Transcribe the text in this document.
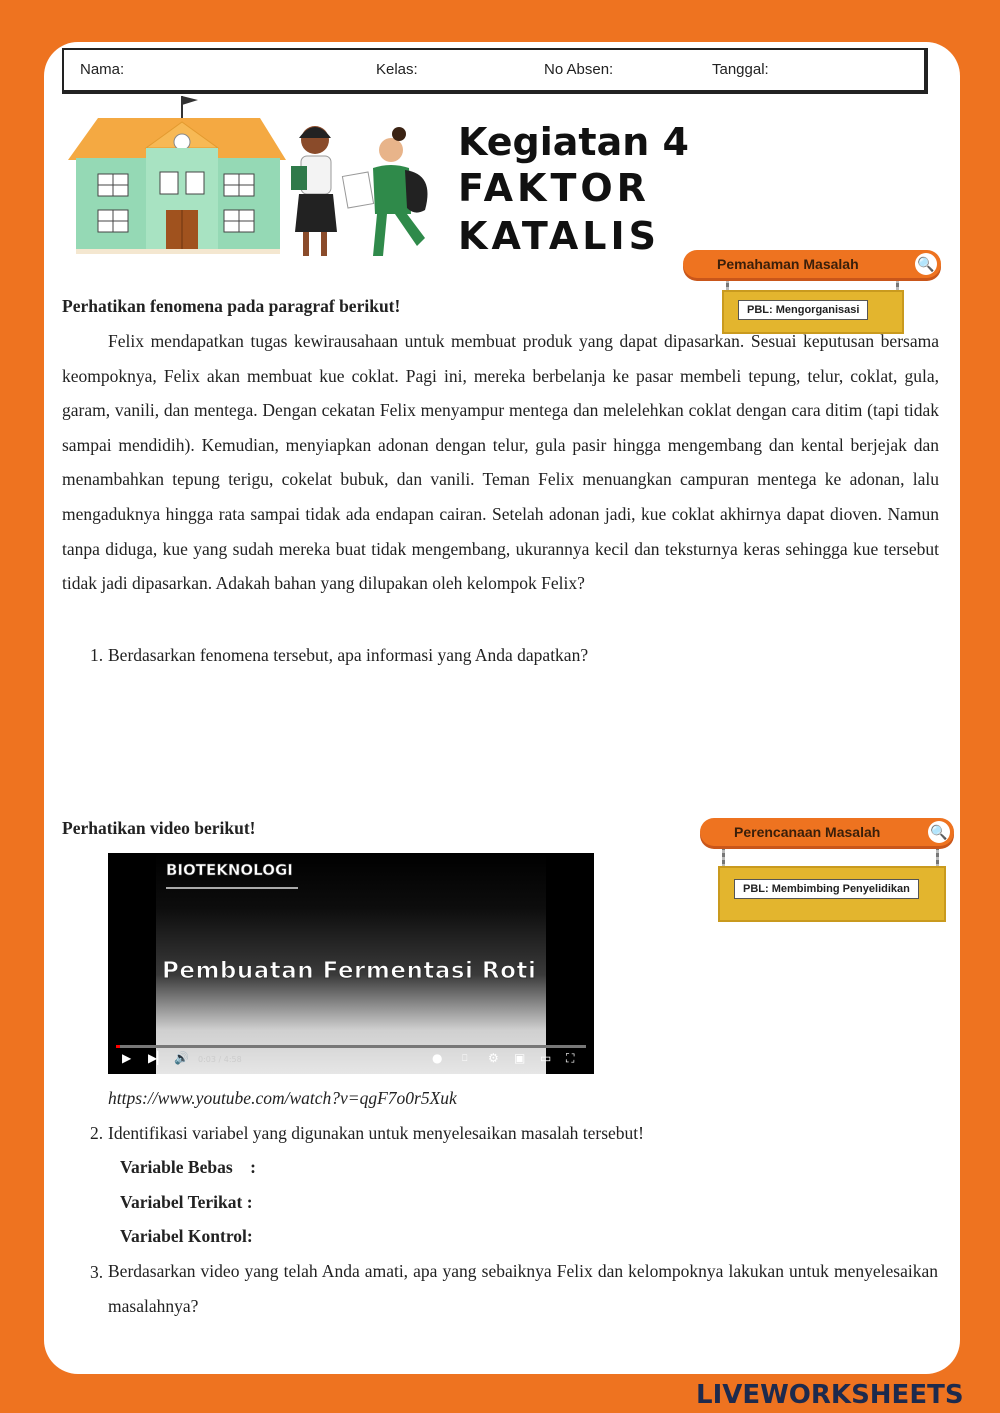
Nama:	Kelas:	No Absen:	Tanggal:
Kegiatan 4
FAKTOR
KATALIS
Pemahaman Masalah	🔍
PBL: Mengorganisasi
Perhatikan fenomena pada paragraf berikut!
Felix mendapatkan tugas kewirausahaan untuk membuat produk yang dapat dipasarkan. Sesuai keputusan bersama keompoknya, Felix akan membuat kue coklat. Pagi ini, mereka berbelanja ke pasar membeli tepung, telur, coklat, gula, garam, vanili, dan mentega. Dengan cekatan Felix menyampur mentega dan melelehkan coklat dengan cara ditim (tapi tidak sampai mendidih). Kemudian, menyiapkan adonan dengan telur, gula pasir hingga mengembang dan kental berjejak dan menambahkan tepung terigu, cokelat bubuk, dan vanili. Teman Felix menuangkan campuran mentega ke adonan, lalu mengaduknya hingga rata sampai tidak ada endapan cairan. Setelah adonan jadi, kue coklat akhirnya dapat dioven. Namun tanpa diduga, kue yang sudah mereka buat tidak mengembang, ukurannya kecil dan teksturnya keras sehingga kue tersebut tidak jadi dipasarkan. Adakah bahan yang dilupakan oleh kelompok Felix?
1. Berdasarkan fenomena tersebut, apa informasi yang Anda dapatkan?
Perhatikan video berikut!	Perencanaan Masalah	🔍
PBL: Membimbing Penyelidikan
BIOTEKNOLOGI
Pembuatan Fermentasi Roti
▶ ▶▏ 🔊 0:03 / 4:58	● ⎕ ⚙ ▣ ▭ ⛶
https://www.youtube.com/watch?v=qgF7o0r5Xuk
2. Identifikasi variabel yang digunakan untuk menyelesaikan masalah tersebut!
Variable Bebas    :
Variabel Terikat :
Variabel Kontrol:
3. Berdasarkan video yang telah Anda amati, apa yang sebaiknya Felix dan kelompoknya lakukan untuk menyelesaikan masalahnya?
LIVEWORKSHEETS
